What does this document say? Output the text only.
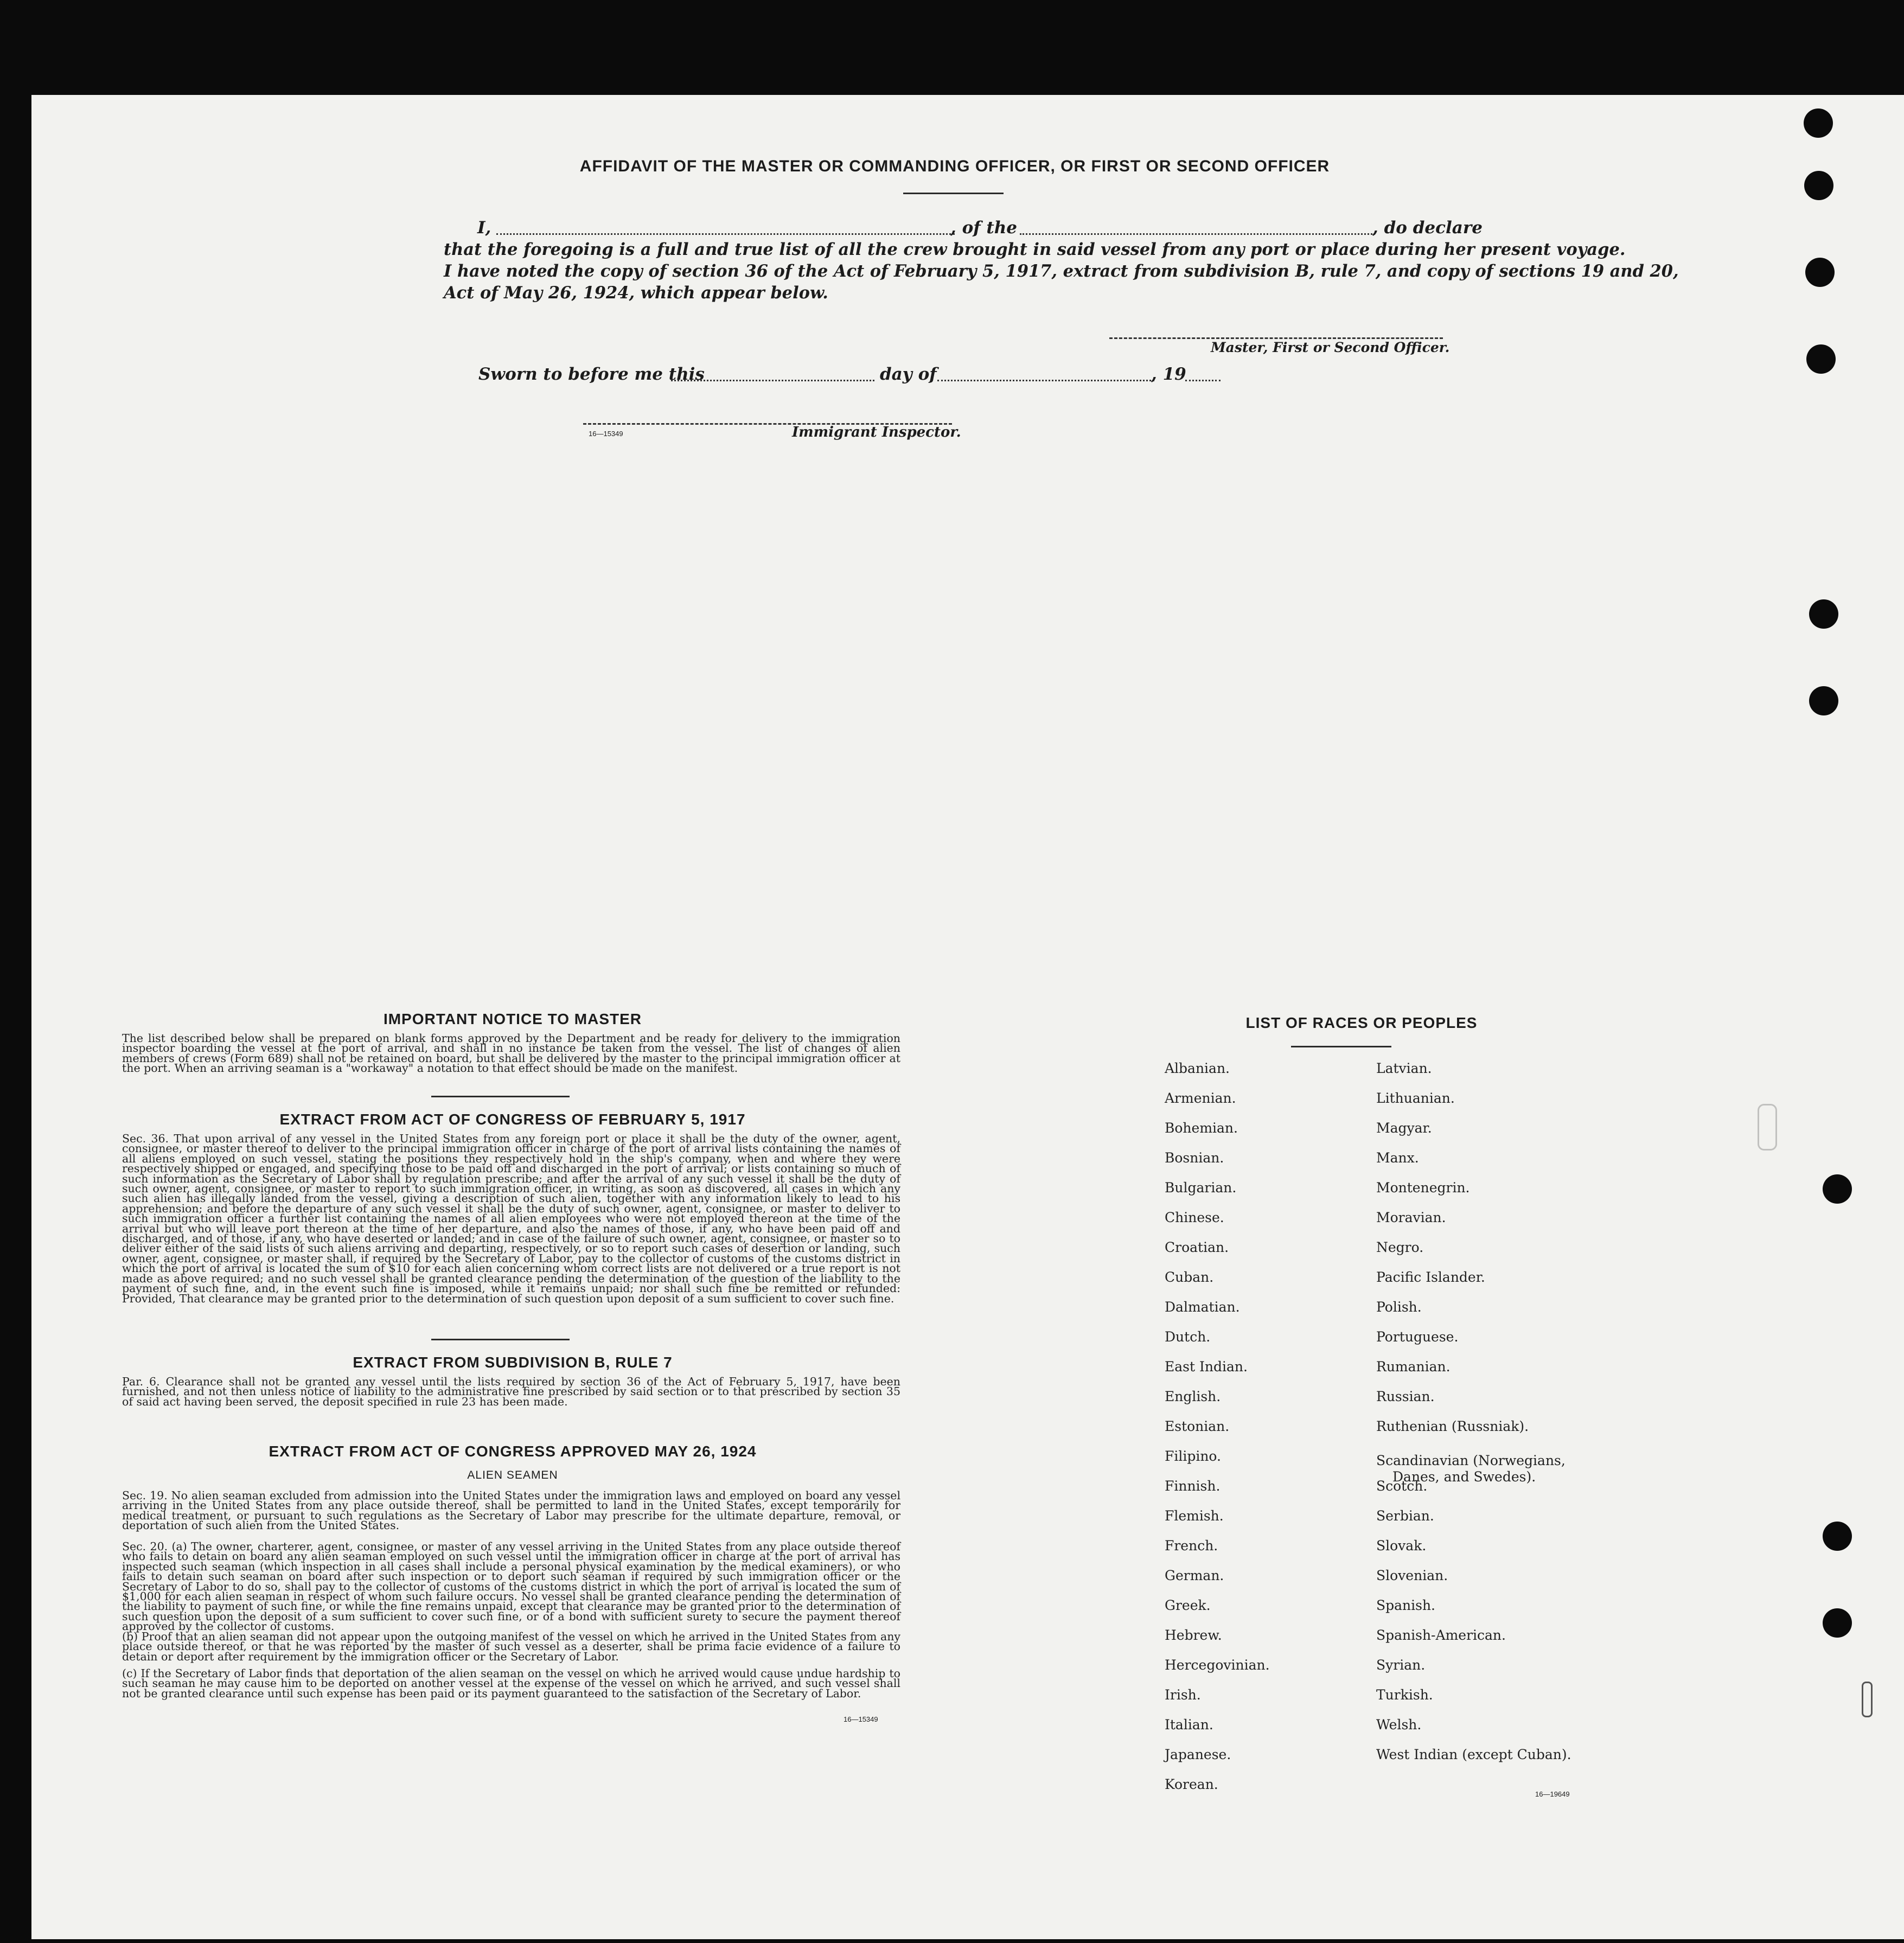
AFFIDAVIT OF THE MASTER OR COMMANDING OFFICER, OR FIRST OR SECOND OFFICER
I,	, of the	, do declare
that the foregoing is a full and true list of all the crew brought in said vessel from any port or place during her present voyage.
I have noted the copy of section 36 of the Act of February 5, 1917, extract from subdivision B, rule 7, and copy of sections 19 and 20,
Act of May 26, 1924, which appear below.
Master, First or Second Officer.
Sworn to before me this	day of	, 19
16—15349	Immigrant Inspector.
IMPORTANT NOTICE TO MASTER
The list described below shall be prepared on blank forms approved by the Department and be ready for delivery to the immigration inspector boarding the vessel at the port of arrival, and shall in no instance be taken from the vessel. The list of changes of alien members of crews (Form 689) shall not be retained on board, but shall be delivered by the master to the principal immigration officer at the port. When an arriving seaman is a "workaway" a notation to that effect should be made on the manifest.
EXTRACT FROM ACT OF CONGRESS OF FEBRUARY 5, 1917
Sec. 36. That upon arrival of any vessel in the United States from any foreign port or place it shall be the duty of the owner, agent, consignee, or master thereof to deliver to the principal immigration officer in charge of the port of arrival lists containing the names of all aliens employed on such vessel, stating the positions they respectively hold in the ship's company, when and where they were respectively shipped or engaged, and specifying those to be paid off and discharged in the port of arrival; or lists containing so much of such information as the Secretary of Labor shall by regulation prescribe; and after the arrival of any such vessel it shall be the duty of such owner, agent, consignee, or master to report to such immigration officer, in writing, as soon as discovered, all cases in which any such alien has illegally landed from the vessel, giving a description of such alien, together with any information likely to lead to his apprehension; and before the departure of any such vessel it shall be the duty of such owner, agent, consignee, or master to deliver to such immigration officer a further list containing the names of all alien employees who were not employed thereon at the time of the arrival but who will leave port thereon at the time of her departure, and also the names of those, if any, who have been paid off and discharged, and of those, if any, who have deserted or landed; and in case of the failure of such owner, agent, consignee, or master so to deliver either of the said lists of such aliens arriving and departing, respectively, or so to report such cases of desertion or landing, such owner, agent, consignee, or master shall, if required by the Secretary of Labor, pay to the collector of customs of the customs district in which the port of arrival is located the sum of $10 for each alien concerning whom correct lists are not delivered or a true report is not made as above required; and no such vessel shall be granted clearance pending the determination of the question of the liability to the payment of such fine, and, in the event such fine is imposed, while it remains unpaid; nor shall such fine be remitted or refunded: Provided, That clearance may be granted prior to the determination of such question upon deposit of a sum sufficient to cover such fine.
EXTRACT FROM SUBDIVISION B, RULE 7
Par. 6. Clearance shall not be granted any vessel until the lists required by section 36 of the Act of February 5, 1917, have been furnished, and not then unless notice of liability to the administrative fine prescribed by said section or to that prescribed by section 35 of said act having been served, the deposit specified in rule 23 has been made.
EXTRACT FROM ACT OF CONGRESS APPROVED MAY 26, 1924
ALIEN SEAMEN
Sec. 19. No alien seaman excluded from admission into the United States under the immigration laws and employed on board any vessel arriving in the United States from any place outside thereof, shall be permitted to land in the United States, except temporarily for medical treatment, or pursuant to such regulations as the Secretary of Labor may prescribe for the ultimate departure, removal, or deportation of such alien from the United States.
Sec. 20. (a) The owner, charterer, agent, consignee, or master of any vessel arriving in the United States from any place outside thereof who fails to detain on board any alien seaman employed on such vessel until the immigration officer in charge at the port of arrival has inspected such seaman (which inspection in all cases shall include a personal physical examination by the medical examiners), or who fails to detain such seaman on board after such inspection or to deport such seaman if required by such immigration officer or the Secretary of Labor to do so, shall pay to the collector of customs of the customs district in which the port of arrival is located the sum of $1,000 for each alien seaman in respect of whom such failure occurs. No vessel shall be granted clearance pending the determination of the liability to payment of such fine, or while the fine remains unpaid, except that clearance may be granted prior to the determination of such question upon the deposit of a sum sufficient to cover such fine, or of a bond with sufficient surety to secure the payment thereof approved by the collector of customs.
(b) Proof that an alien seaman did not appear upon the outgoing manifest of the vessel on which he arrived in the United States from any place outside thereof, or that he was reported by the master of such vessel as a deserter, shall be prima facie evidence of a failure to detain or deport after requirement by the immigration officer or the Secretary of Labor.
(c) If the Secretary of Labor finds that deportation of the alien seaman on the vessel on which he arrived would cause undue hardship to such seaman he may cause him to be deported on another vessel at the expense of the vessel on which he arrived, and such vessel shall not be granted clearance until such expense has been paid or its payment guaranteed to the satisfaction of the Secretary of Labor.
16—15349
LIST OF RACES OR PEOPLES
Albanian.
Armenian.
Bohemian.
Bosnian.
Bulgarian.
Chinese.
Croatian.
Cuban.
Dalmatian.
Dutch.
East Indian.
English.
Estonian.
Filipino.
Finnish.
Flemish.
French.
German.
Greek.
Hebrew.
Hercegovinian.
Irish.
Italian.
Japanese.
Korean.
Latvian.
Lithuanian.
Magyar.
Manx.
Montenegrin.
Moravian.
Negro.
Pacific Islander.
Polish.
Portuguese.
Rumanian.
Russian.
Ruthenian (Russniak).
Scandinavian (Norwegians,
Danes, and Swedes).
Scotch.
Serbian.
Slovak.
Slovenian.
Spanish.
Spanish-American.
Syrian.
Turkish.
Welsh.
West Indian (except Cuban).
16—19649
